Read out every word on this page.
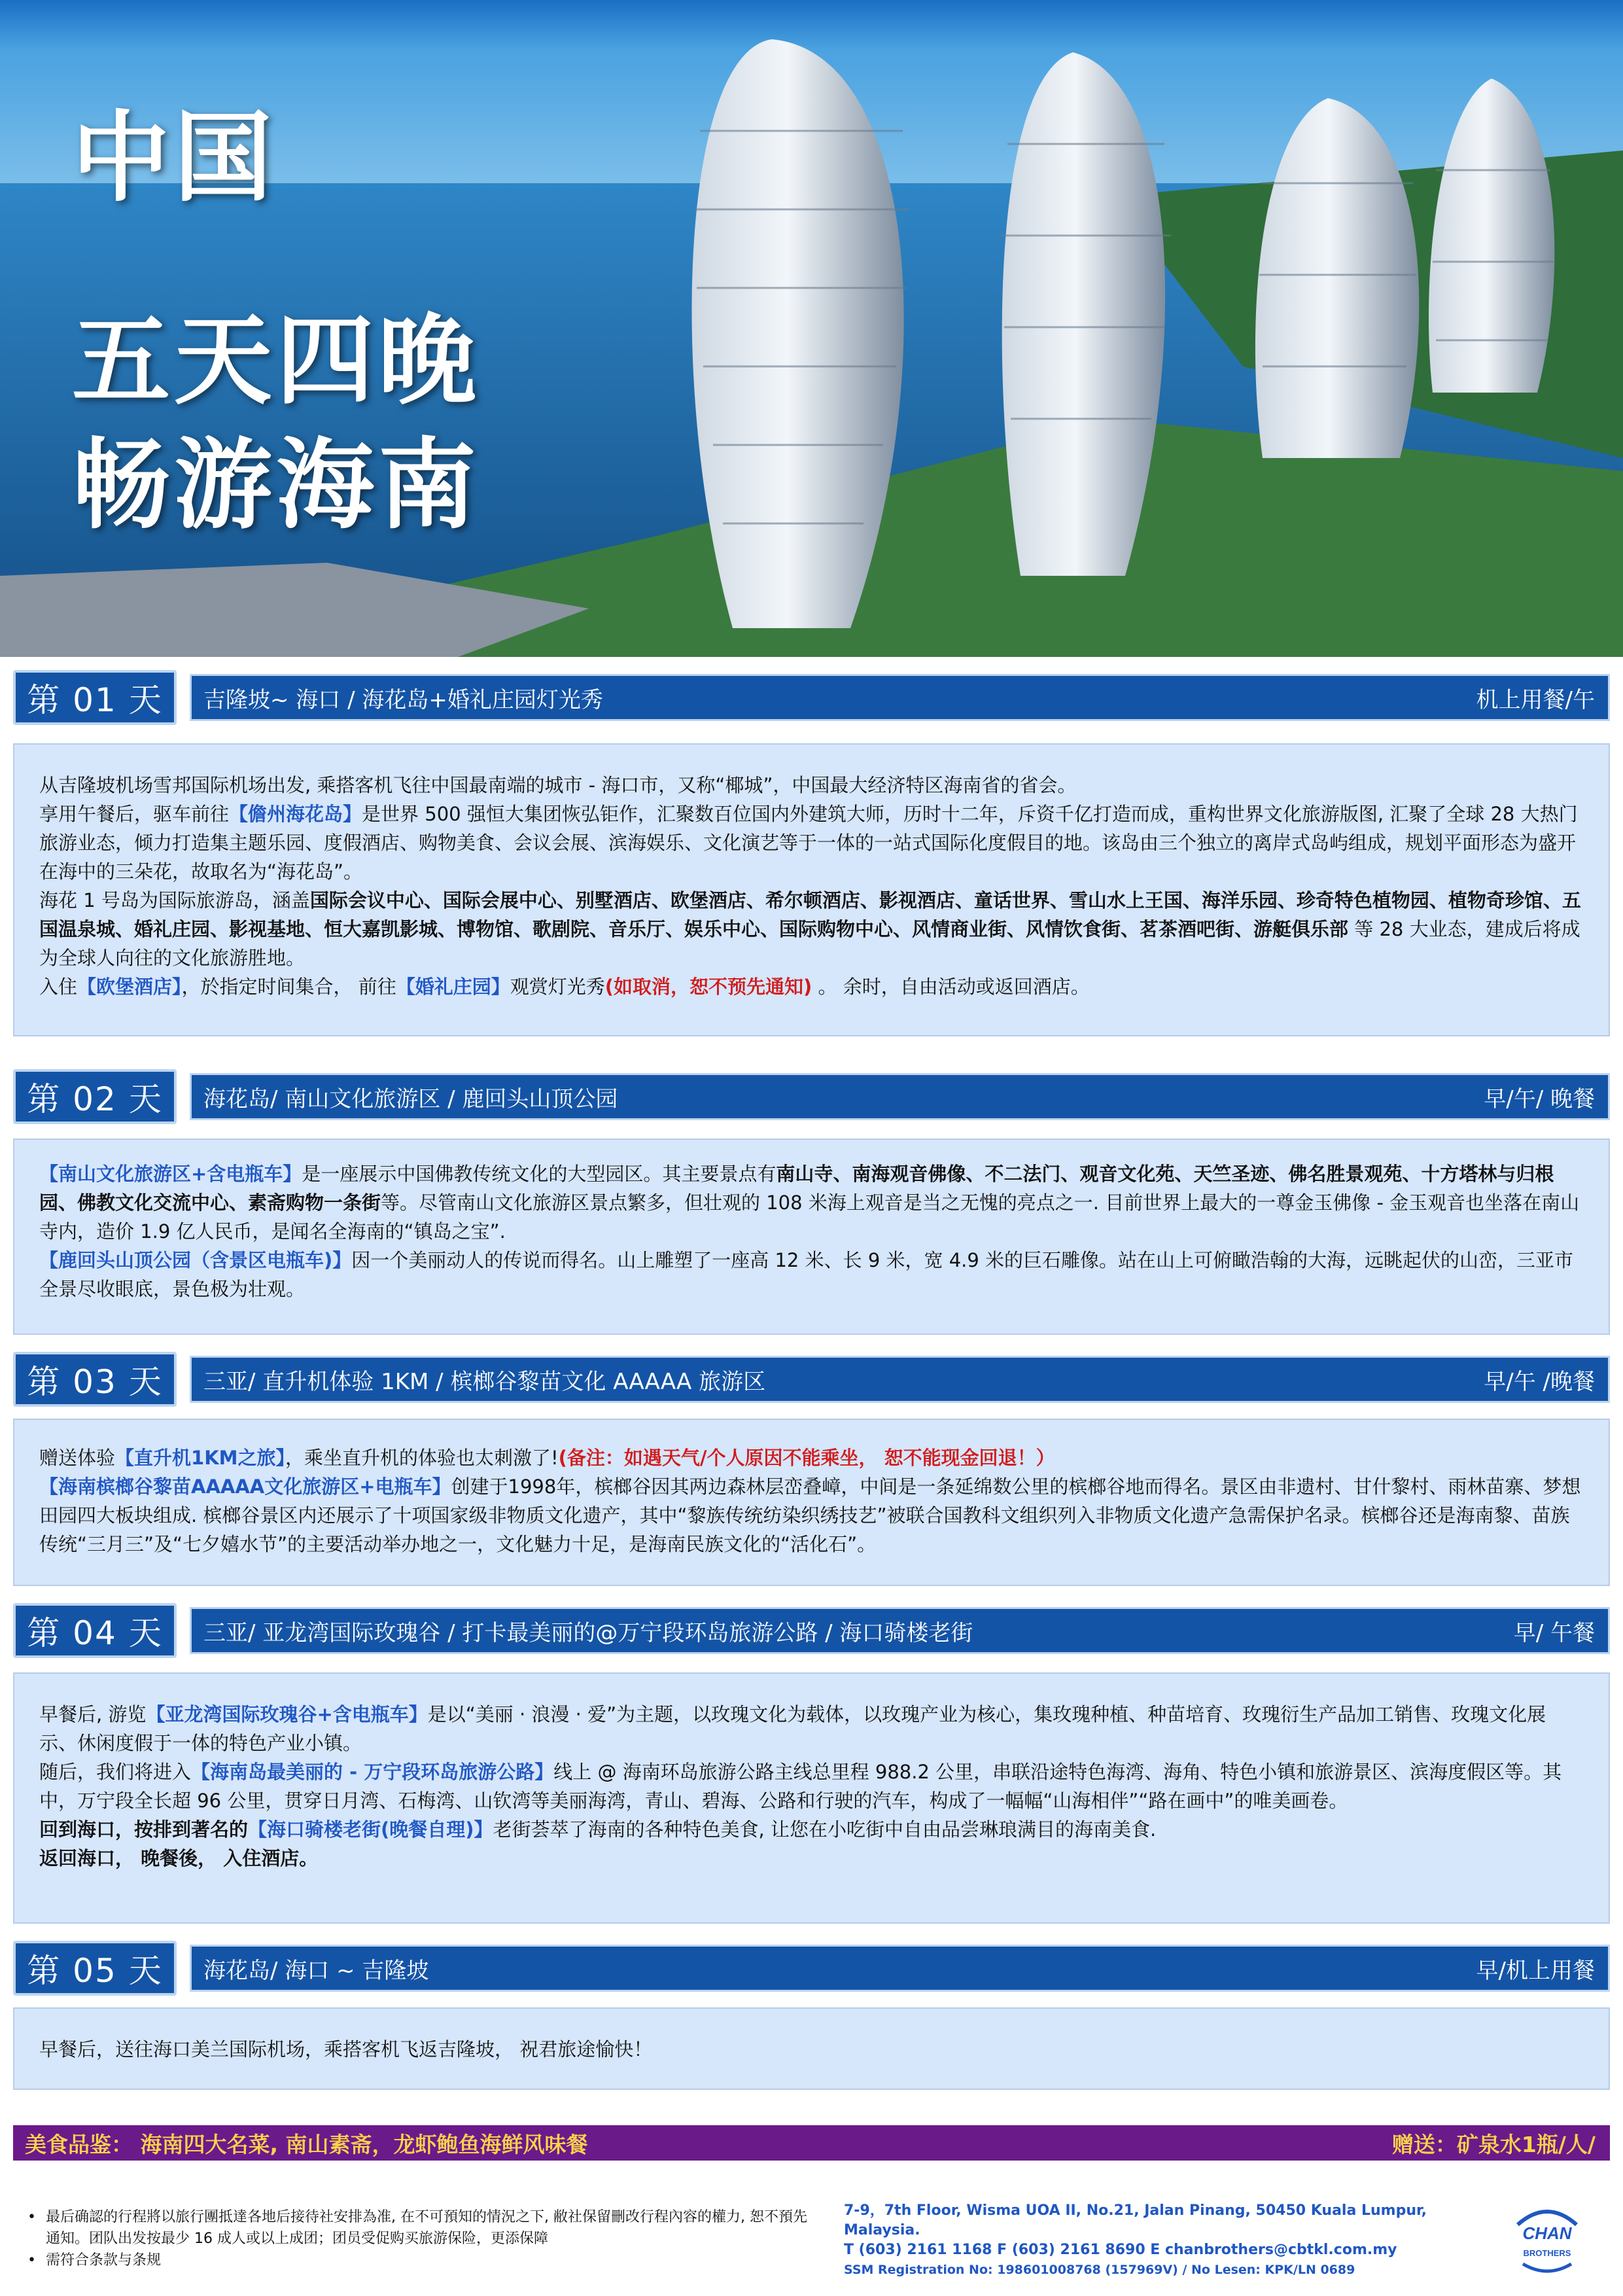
中国
五天四晚
畅游海南
第 01 天	吉隆坡~ 海口 / 海花岛+婚礼庄园灯光秀	机上用餐/午

从吉隆坡机场雪邦国际机场出发, 乘搭客机飞往中国最南端的城市 - 海口市，又称“椰城”，中国最大经济特区海南省的省会。

享用午餐后，驱车前往【儋州海花岛】是世界 500 强恒大集团恢弘钜作，汇聚数百位国内外建筑大师，历时十二年，斥资千亿打造而成，重构世界文化旅游版图, 汇聚了全球 28 大热门旅游业态，倾力打造集主题乐园、度假酒店、购物美食、会议会展、滨海娱乐、文化演艺等于一体的一站式国际化度假目的地。该岛由三个独立的离岸式岛屿组成，规划平面形态为盛开在海中的三朵花，故取名为“海花岛”。

海花 1 号岛为国际旅游岛，涵盖国际会议中心、国际会展中心、别墅酒店、欧堡酒店、希尔顿酒店、影视酒店、童话世界、雪山水上王国、海洋乐园、珍奇特色植物园、植物奇珍馆、五国温泉城、婚礼庄园、影视基地、恒大嘉凯影城、博物馆、歌剧院、音乐厅、娱乐中心、国际购物中心、风情商业街、风情饮食街、茗茶酒吧街、游艇俱乐部 等 28 大业态，建成后将成为全球人向往的文化旅游胜地。

入住【欧堡酒店】，於指定时间集合， 前往【婚礼庄园】观赏灯光秀(如取消，恕不预先通知) 。 余时，自由活动或返回酒店。

第 02 天	海花岛/ 南山文化旅游区 / 鹿回头山顶公园	早/午/ 晚餐

【南山文化旅游区+含电瓶车】是一座展示中国佛教传统文化的大型园区。其主要景点有南山寺、南海观音佛像、不二法门、观音文化苑、天竺圣迹、佛名胜景观苑、十方塔林与归根园、佛教文化交流中心、素斋购物一条街等。尽管南山文化旅游区景点繁多，但壮观的 108 米海上观音是当之无愧的亮点之一. 目前世界上最大的一尊金玉佛像 - 金玉观音也坐落在南山寺内，造价 1.9 亿人民币，是闻名全海南的“镇岛之宝”.

【鹿回头山顶公园（含景区电瓶车)】因一个美丽动人的传说而得名。山上雕塑了一座高 12 米、长 9 米，宽 4.9 米的巨石雕像。站在山上可俯瞰浩翰的大海，远眺起伏的山峦，三亚市全景尽收眼底，景色极为壮观。

第 03 天	三亚/ 直升机体验 1KM / 槟榔谷黎苗文化 AAAAA 旅游区	早/午 /晚餐

赠送体验【直升机1KM之旅】，乘坐直升机的体验也太刺激了!(备注：如遇天气/个人原因不能乘坐， 恕不能现金回退！）

【海南槟榔谷黎苗AAAAA文化旅游区+电瓶车】创建于1998年，槟榔谷因其两边森林层峦叠嶂，中间是一条延绵数公里的槟榔谷地而得名。景区由非遗村、甘什黎村、雨林苗寨、梦想田园四大板块组成. 槟榔谷景区内还展示了十项国家级非物质文化遗产，其中“黎族传统纺染织绣技艺”被联合国教科文组织列入非物质文化遗产急需保护名录。槟榔谷还是海南黎、苗族传统“三月三”及“七夕嬉水节”的主要活动举办地之一，文化魅力十足，是海南民族文化的“活化石”。

第 04 天	三亚/ 亚龙湾国际玫瑰谷 / 打卡最美丽的@万宁段环岛旅游公路 / 海口骑楼老街	早/ 午餐

早餐后, 游览【亚龙湾国际玫瑰谷+含电瓶车】是以“美丽 · 浪漫 · 爱”为主题，以玫瑰文化为载体，以玫瑰产业为核心，集玫瑰种植、种苗培育、玫瑰衍生产品加工销售、玫瑰文化展示、休闲度假于一体的特色产业小镇。

随后，我们将进入【海南岛最美丽的 - 万宁段环岛旅游公路】线上 @ 海南环岛旅游公路主线总里程 988.2 公里，串联沿途特色海湾、海角、特色小镇和旅游景区、滨海度假区等。其中，万宁段全长超 96 公里，贯穿日月湾、石梅湾、山钦湾等美丽海湾，青山、碧海、公路和行驶的汽车，构成了一幅幅“山海相伴”“路在画中”的唯美画卷。

回到海口，按排到著名的【海口骑楼老街(晚餐自理)】老街荟萃了海南的各种特色美食, 让您在小吃街中自由品尝琳琅满目的海南美食.

返回海口， 晚餐後， 入住酒店。

第 05 天	海花岛/ 海口 ~ 吉隆坡	早/机上用餐

早餐后，送往海口美兰国际机场，乘搭客机飞返吉隆坡， 祝君旅途愉快！

美食品鉴： 海南四大名菜, 南山素斋，龙虾鲍鱼海鲜风味餐	赠送：矿泉水1瓶/人/
• 最后确認的行程將以旅行團抵達各地后接待社安排為准, 在不可預知的情況之下, 敝社保留刪改行程內容的權力, 恕不預先通知。团队出发按最少 16 成人或以上成团；团员受促购买旅游保险，更添保障
• 需符合条款与条规
7-9，7th Floor, Wisma UOA II, No.21, Jalan Pinang, 50450 Kuala Lumpur, Malaysia.
T (603) 2161 1168 F (603) 2161 8690 E chanbrothers@cbtkl.com.my
SSM Registration No: 198601008768 (157969V) / No Lesen: KPK/LN 0689
CHAN
BROTHERS
